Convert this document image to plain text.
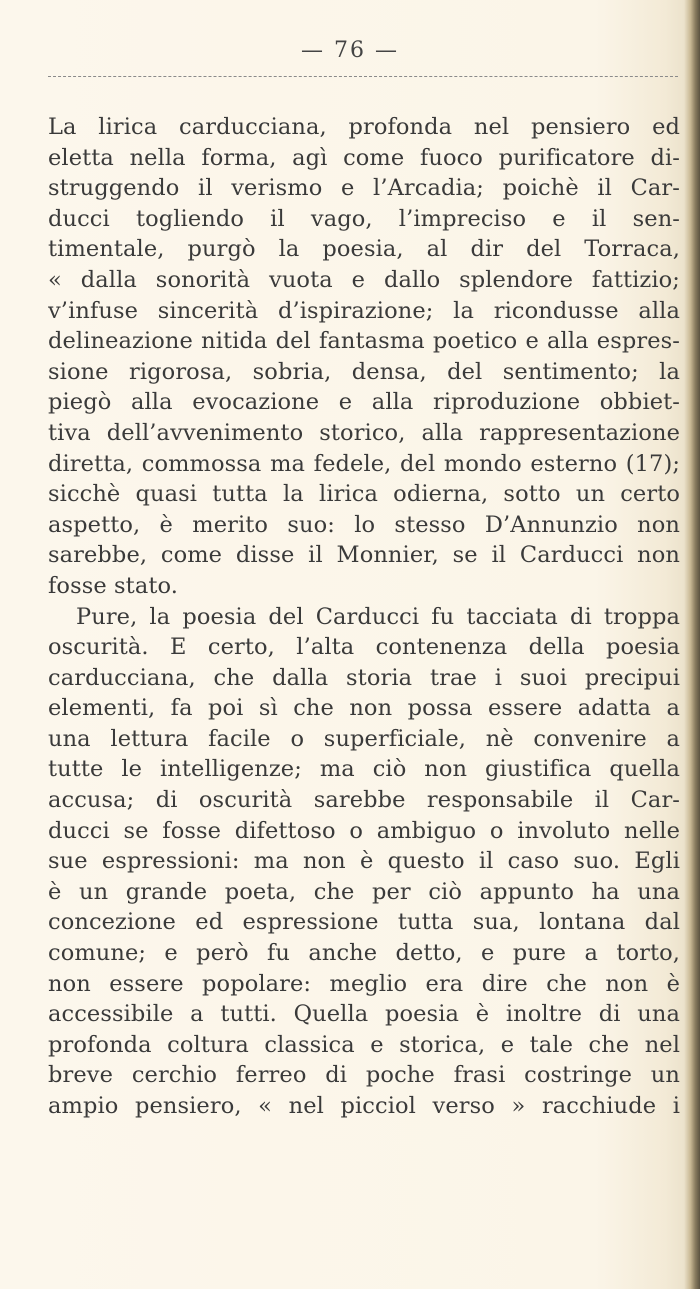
— 76 —
La lirica carducciana, profonda nel pensiero ed
eletta nella forma, agì come fuoco purificatore di-
struggendo il verismo e l’Arcadia; poichè il Car-
ducci togliendo il vago, l’impreciso e il sen-
timentale, purgò la poesia, al dir del Torraca,
« dalla sonorità vuota e dallo splendore fattizio;
v’infuse sincerità d’ispirazione; la ricondusse alla
delineazione nitida del fantasma poetico e alla espres-
sione rigorosa, sobria, densa, del sentimento; la
piegò alla evocazione e alla riproduzione obbiet-
tiva dell’avvenimento storico, alla rappresentazione
diretta, commossa ma fedele, del mondo esterno (17);
sicchè quasi tutta la lirica odierna, sotto un certo
aspetto, è merito suo: lo stesso D’Annunzio non
sarebbe, come disse il Monnier, se il Carducci non
fosse stato.
Pure, la poesia del Carducci fu tacciata di troppa
oscurità. E certo, l’alta contenenza della poesia
carducciana, che dalla storia trae i suoi precipui
elementi, fa poi sì che non possa essere adatta a
una lettura facile o superficiale, nè convenire a
tutte le intelligenze; ma ciò non giustifica quella
accusa; di oscurità sarebbe responsabile il Car-
ducci se fosse difettoso o ambiguo o involuto nelle
sue espressioni: ma non è questo il caso suo. Egli
è un grande poeta, che per ciò appunto ha una
concezione ed espressione tutta sua, lontana dal
comune; e però fu anche detto, e pure a torto,
non essere popolare: meglio era dire che non è
accessibile a tutti. Quella poesia è inoltre di una
profonda coltura classica e storica, e tale che nel
breve cerchio ferreo di poche frasi costringe un
ampio pensiero, « nel picciol verso » racchiude i
